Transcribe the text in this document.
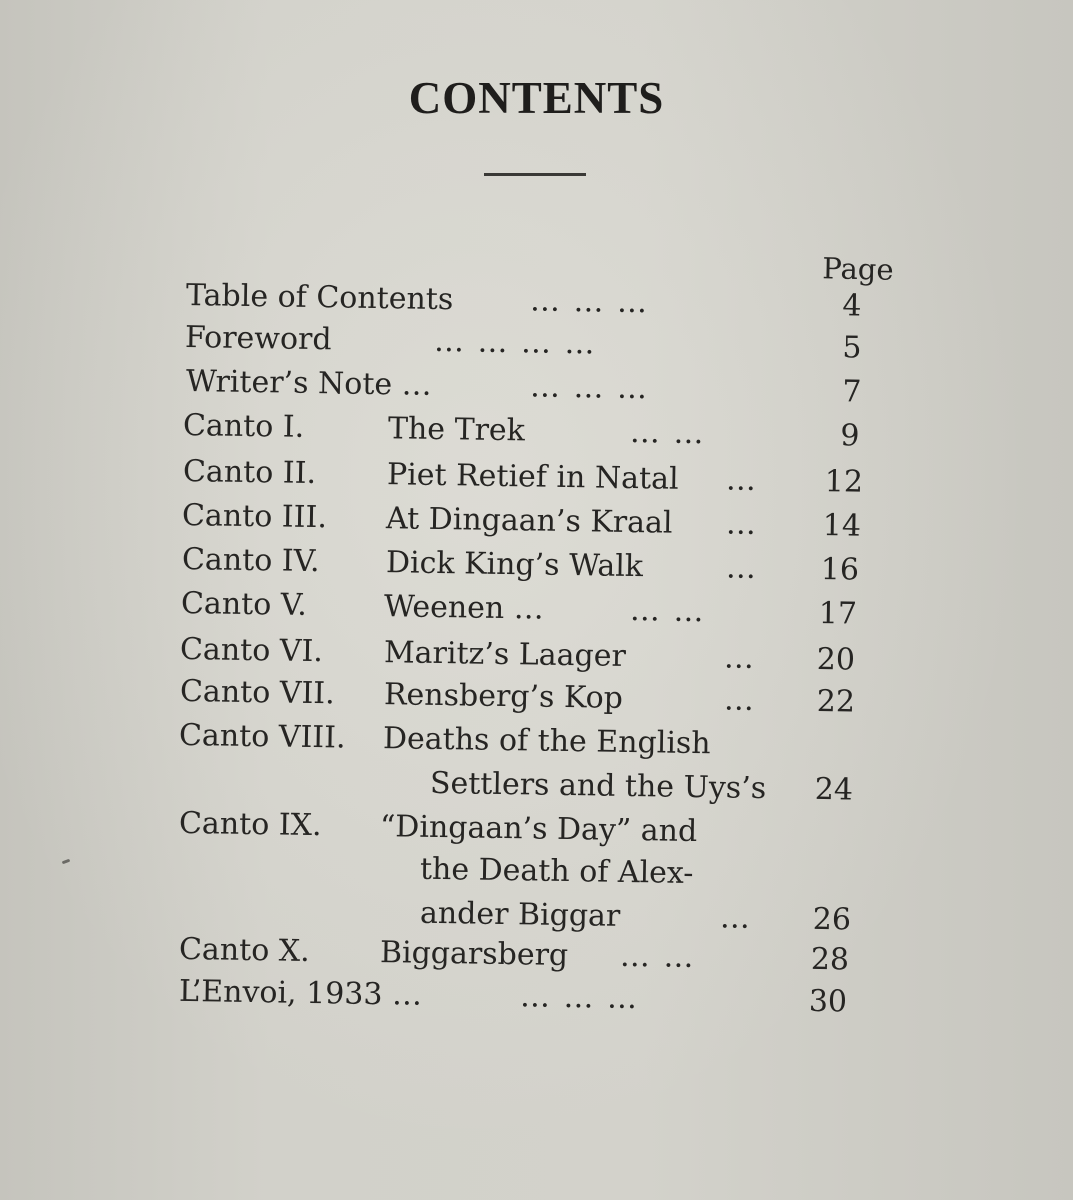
CONTENTS
Page
Table of Contents	… … …	4
Foreword	… … … …	5
Writer’s Note …	… … …	7
Canto I.	The Trek	… …	9
Canto II. Piet Retief in Natal …	12
Canto III. At Dingaan’s Kraal …	14
Canto IV. Dick King’s Walk	…	16
Canto V.	Weenen …	… …	17
Canto VI. Maritz’s Laager	…	20
Canto VII. Rensberg’s Kop	…	22
Canto VIII. Deaths of the English
Settlers and the Uys’s	24
Canto IX. “Dingaan’s Day” and
the Death of Alex-
ander Biggar	…	26
Canto X. Biggarsberg … …	28
L’Envoi, 1933 …	… … …	30
